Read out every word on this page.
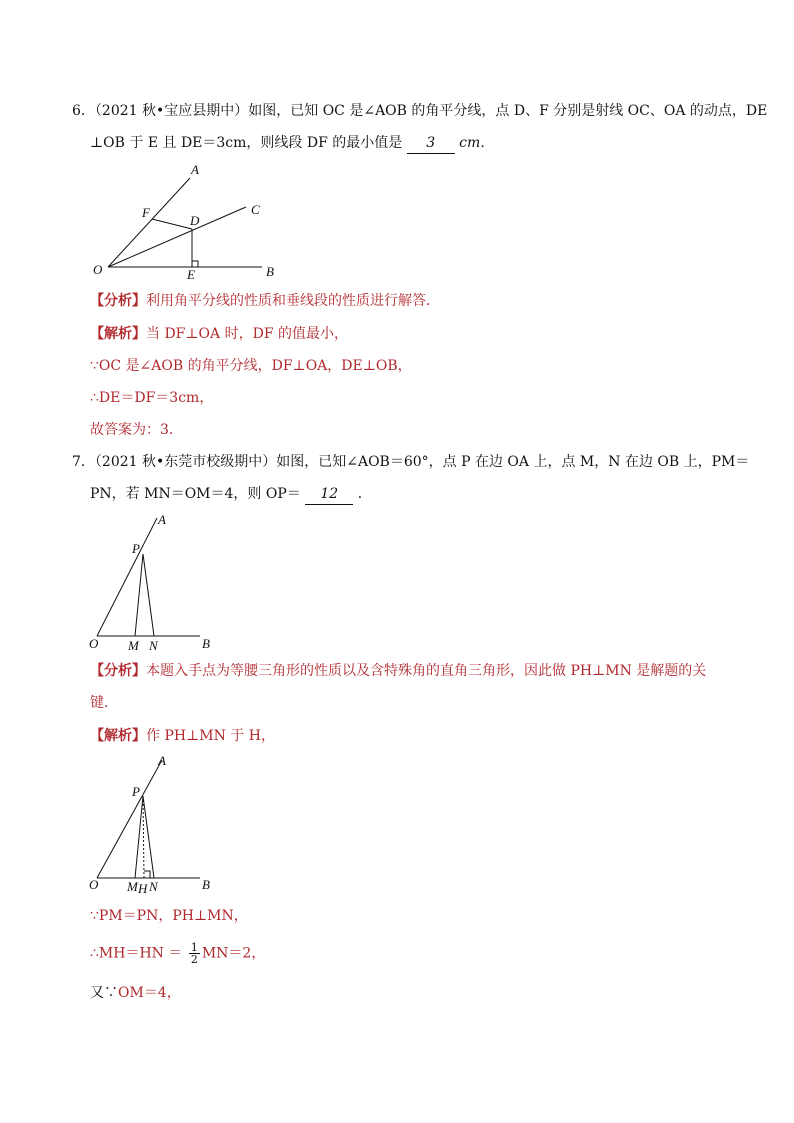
6．（2021 秋•宝应县期中）如图，已知 OC 是∠AOB 的角平分线，点 D、F 分别是射线 OC、OA 的动点，DE
⊥OB 于 E 且 DE＝3cm，则线段 DF 的最小值是 3 cm．
A
C
F
D
O	E	B
【分析】利用角平分线的性质和垂线段的性质进行解答．
【解析】当 DF⊥OA 时，DF 的值最小，
∵OC 是∠AOB 的角平分线，DF⊥OA，DE⊥OB，
∴DE＝DF＝3cm，
故答案为：3．
7．（2021 秋•东莞市校级期中）如图，已知∠AOB＝60°，点 P 在边 OA 上，点 M，N 在边 OB 上，PM＝
PN，若 MN＝OM＝4，则 OP＝ 12 ．
A
P
O M N	B
【分析】本题入手点为等腰三角形的性质以及含特殊角的直角三角形，因此做 PH⊥MN 是解题的关
键．
【解析】作 PH⊥MN 于 H，
A
P
O M H N	B
∵PM＝PN，PH⊥MN，
∴MH＝HN ＝ $\frac{1}{2} MN=2$，
又∵OM＝4，
